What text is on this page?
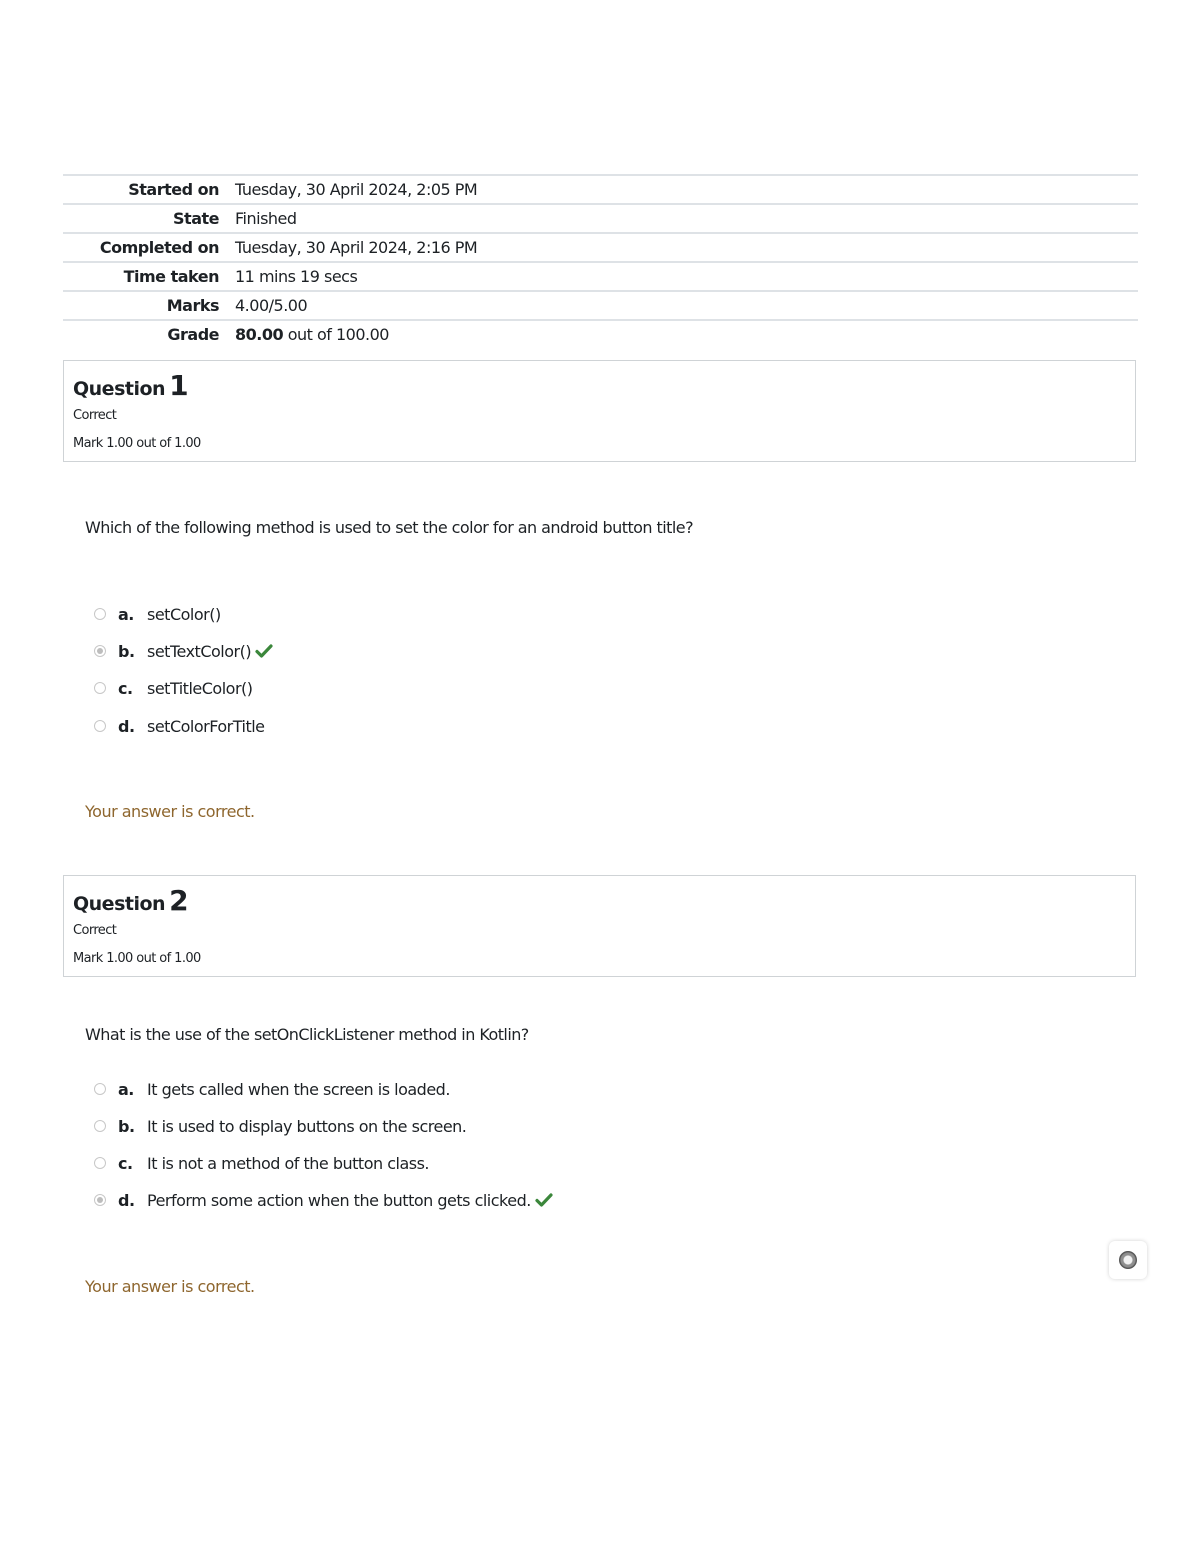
Started on	Tuesday, 30 April 2024, 2:05 PM
State	Finished
Completed on	Tuesday, 30 April 2024, 2:16 PM
Time taken	11 mins 19 secs
Marks	4.00/5.00
Grade	80.00 out of 100.00
Question 1
Correct
Mark 1.00 out of 1.00
Which of the following method is used to set the color for an android button title?
a. setColor()
b. setTextColor()
c. setTitleColor()
d. setColorForTitle
Your answer is correct.
Question 2
Correct
Mark 1.00 out of 1.00
What is the use of the setOnClickListener method in Kotlin?
a. It gets called when the screen is loaded.
b. It is used to display buttons on the screen.
c. It is not a method of the button class.
d. Perform some action when the button gets clicked.
Your answer is correct.
